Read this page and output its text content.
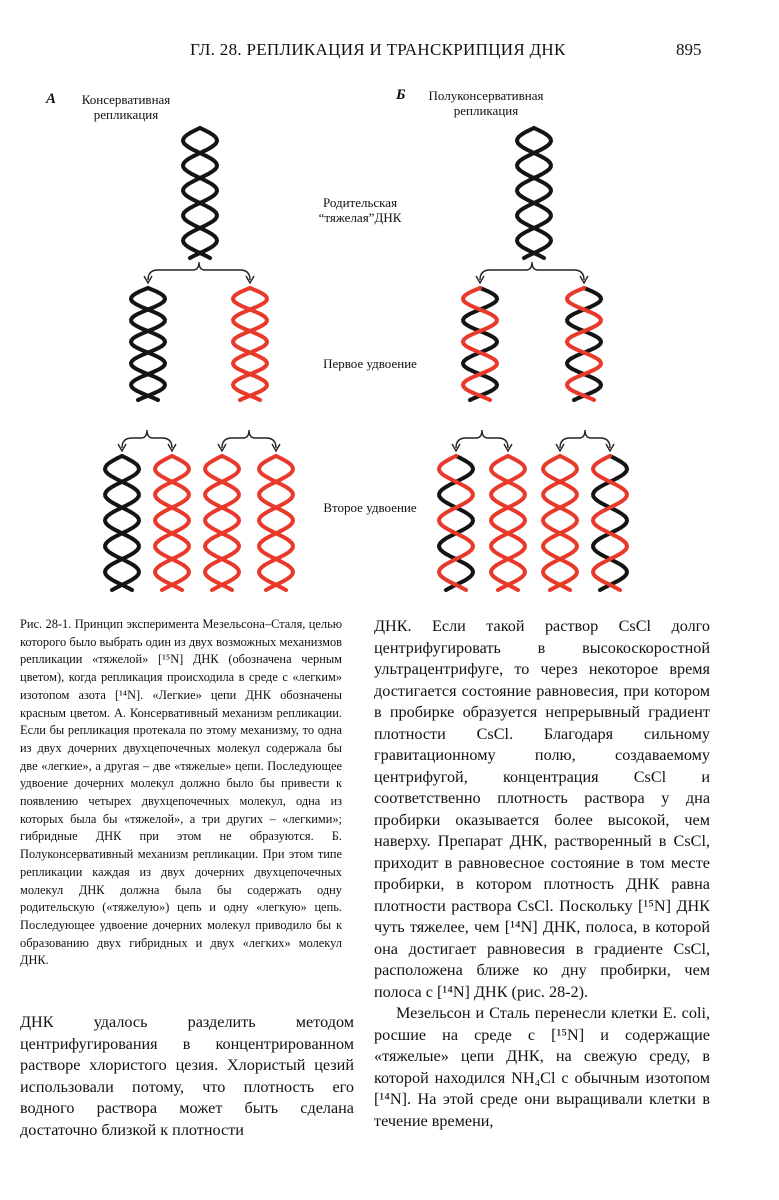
ГЛ. 28. РЕПЛИКАЦИЯ И ТРАНСКРИПЦИЯ ДНК	895
А	Консервативная
репликация
Б	Полуконсервативная
репликация
Родительская
“тяжелая”ДНК
Первое удвоение
Второе удвоение

Рис. 28-1. Принцип эксперимента Мезельсона–Сталя, целью которого было выбрать один из двух возможных механизмов репликации «тяжелой» [¹⁵N] ДНК (обозначена черным цветом), когда репликация происходила в среде с «легким» изотопом азота [¹⁴N]. «Легкие» цепи ДНК обозначены красным цветом. А. Консервативный механизм репликации. Если бы репликация протекала по этому механизму, то одна из двух дочерних двухцепочечных молекул содержала бы две «легкие», а другая – две «тяжелые» цепи. Последующее удвоение дочерних молекул должно было бы привести к появлению четырех двухцепочечных молекул, одна из которых была бы «тяжелой», а три других – «легкими»; гибридные ДНК при этом не образуются. Б. Полуконсервативный механизм репликации. При этом типе репликации каждая из двух дочерних двухцепочечных молекул ДНК должна была бы содержать одну родительскую («тяжелую») цепь и одну «легкую» цепь. Последующее удвоение дочерних молекул приводило бы к образованию двух гибридных и двух «легких» молекул ДНК.

ДНК удалось разделить методом центрифугирования в концентрированном растворе хлористого цезия. Хлористый цезий использовали потому, что плотность его водного раствора может быть сделана достаточно близкой к плотности

ДНК. Если такой раствор CsCl долго центрифугировать в высокоскоростной ультрацентрифуге, то через некоторое время достигается состояние равновесия, при котором в пробирке образуется непрерывный градиент плотности CsCl. Благодаря сильному гравитационному полю, создаваемому центрифугой, концентрация CsCl и соответственно плотность раствора у дна пробирки оказывается более высокой, чем наверху. Препарат ДНК, растворенный в CsCl, приходит в равновесное состояние в том месте пробирки, в котором плотность ДНК равна плотности раствора CsCl. Поскольку [¹⁵N] ДНК чуть тяжелее, чем [¹⁴N] ДНК, полоса, в которой она достигает равновесия в градиенте CsCl, расположена ближе ко дну пробирки, чем полоса с [¹⁴N] ДНК (рис. 28-2).

Мезельсон и Сталь перенесли клетки E. coli, росшие на среде с [¹⁵N] и содержащие «тяжелые» цепи ДНК, на свежую среду, в которой находился NH₄Cl с обычным изотопом [¹⁴N]. На этой среде они выращивали клетки в течение времени,
